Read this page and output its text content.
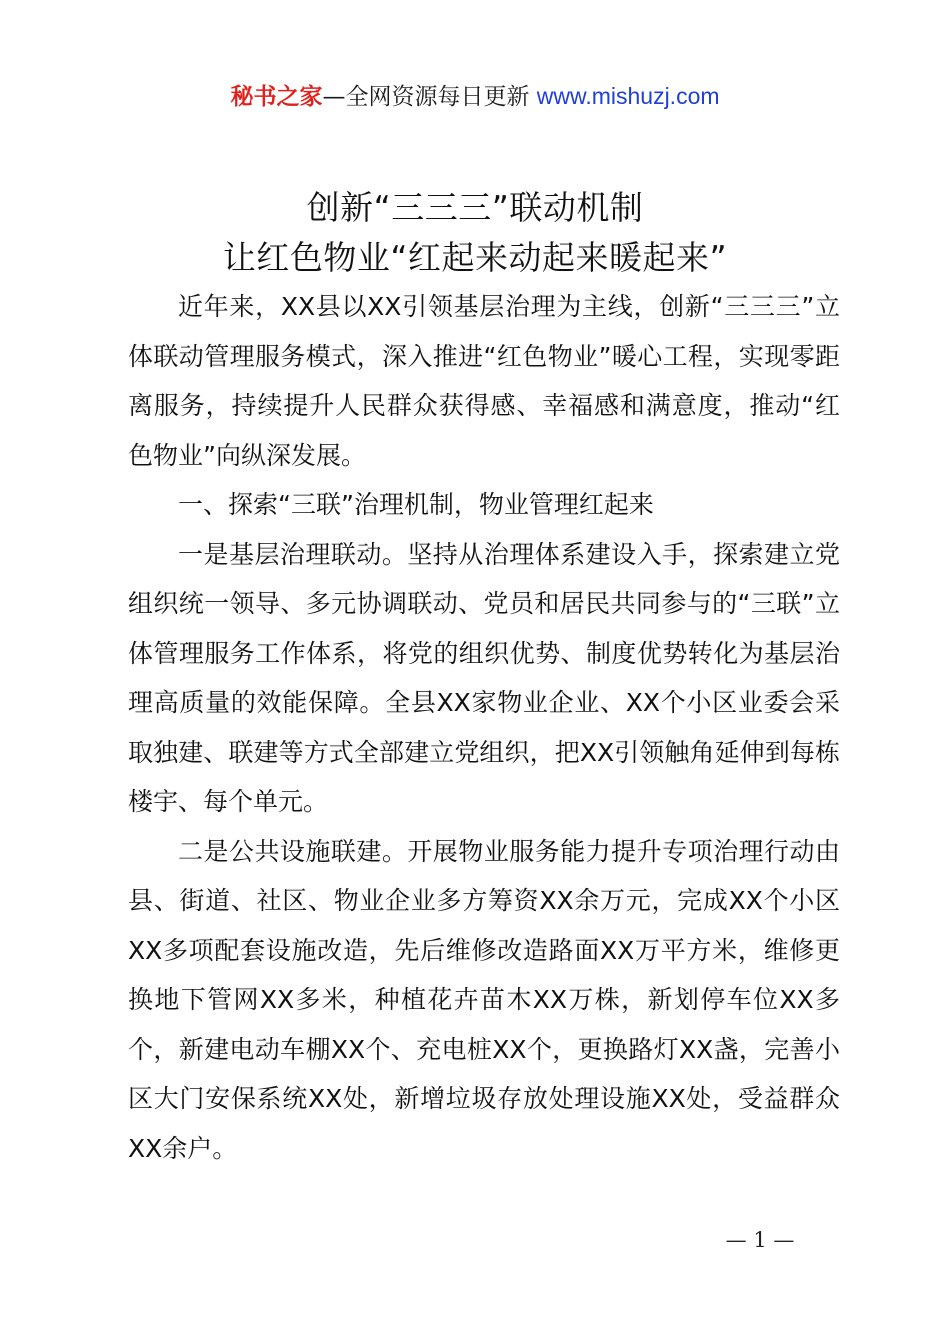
秘书之家—全网资源每日更新 www.mishuzj.com
创新“三三三”联动机制
让红色物业“红起来动起来暖起来”

近年来，XX县以XX引领基层治理为主线，创新“三三三”立体联动管理服务模式，深入推进“红色物业”暖心工程，实现零距离服务，持续提升人民群众获得感、幸福感和满意度，推动“红色物业”向纵深发展。

一、探索“三联”治理机制，物业管理红起来

一是基层治理联动。坚持从治理体系建设入手，探索建立党组织统一领导、多元协调联动、党员和居民共同参与的“三联”立体管理服务工作体系，将党的组织优势、制度优势转化为基层治理高质量的效能保障。全县XX家物业企业、XX个小区业委会采取独建、联建等方式全部建立党组织，把XX引领触角延伸到每栋楼宇、每个单元。

二是公共设施联建。开展物业服务能力提升专项治理行动由县、街道、社区、物业企业多方筹资XX余万元，完成XX个小区XX多项配套设施改造，先后维修改造路面XX万平方米，维修更换地下管网XX多米，种植花卉苗木XX万株，新划停车位XX多个，新建电动车棚XX个、充电桩XX个，更换路灯XX盏，完善小区大门安保系统XX处，新增垃圾存放处理设施XX处，受益群众XX余户。

— 1 —
